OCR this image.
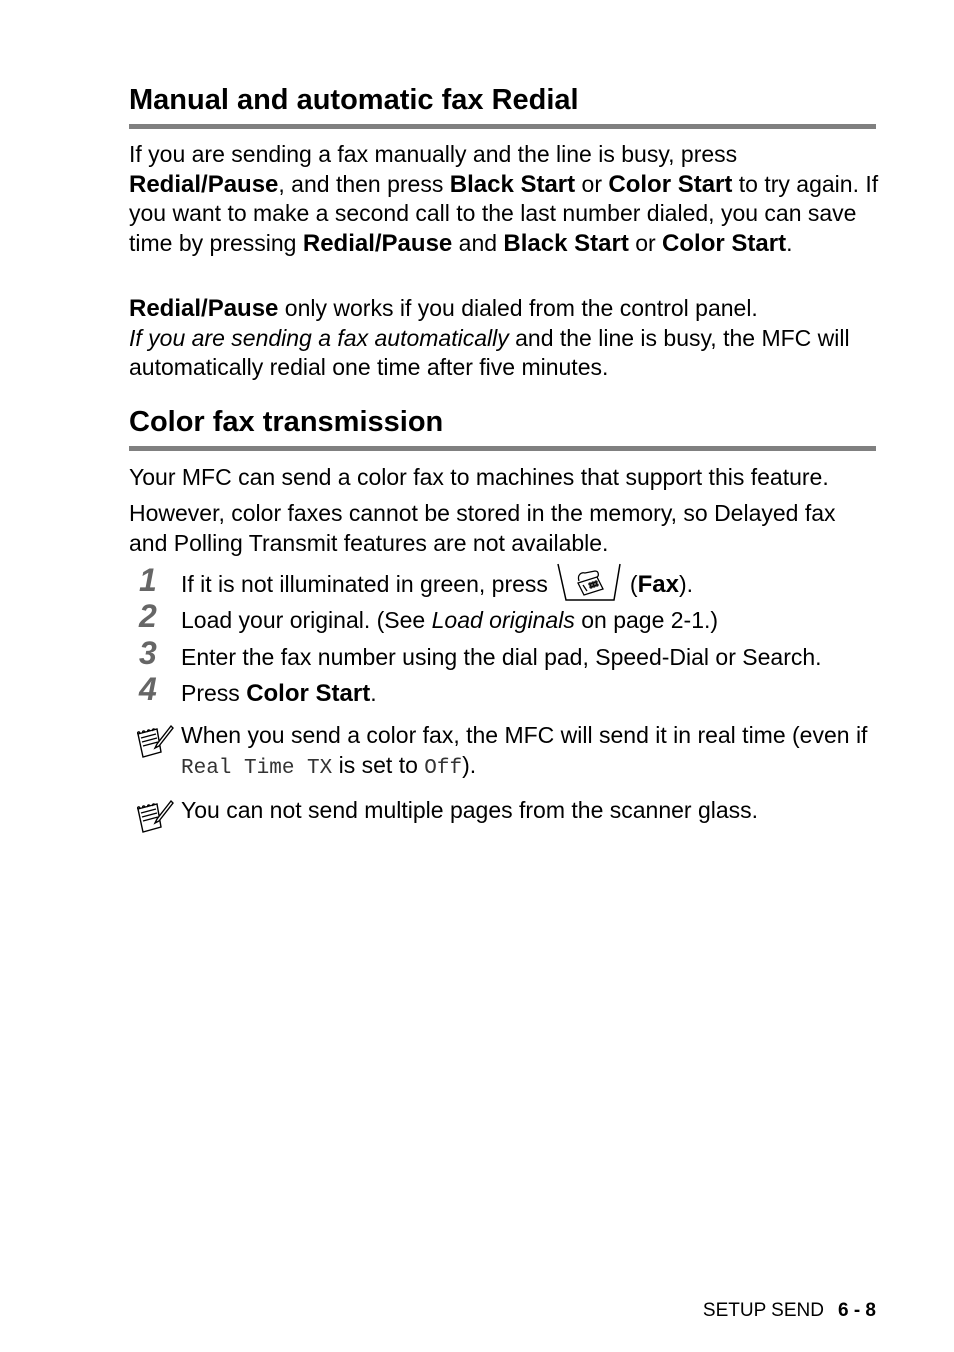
Manual and automatic fax Redial

If you are sending a fax manually and the line is busy, press Redial/Pause, and then press Black Start or Color Start to try again. If you want to make a second call to the last number dialed, you can save time by pressing Redial/Pause and Black Start or Color Start.

Redial/Pause only works if you dialed from the control panel.
If you are sending a fax automatically and the line is busy, the MFC will automatically redial one time after five minutes.

Color fax transmission

Your MFC can send a color fax to machines that support this feature.

However, color faxes cannot be stored in the memory, so Delayed fax and Polling Transmit features are not available.

1 If it is not illuminated in green, press	(Fax).
2 Load your original. (See Load originals on page 2-1.)
3 Enter the fax number using the dial pad, Speed-Dial or Search.
4 Press Color Start.
When you send a color fax, the MFC will send it in real time (even if Real Time TX is set to Off).
You can not send multiple pages from the scanner glass.
SETUP SEND 6 - 8
